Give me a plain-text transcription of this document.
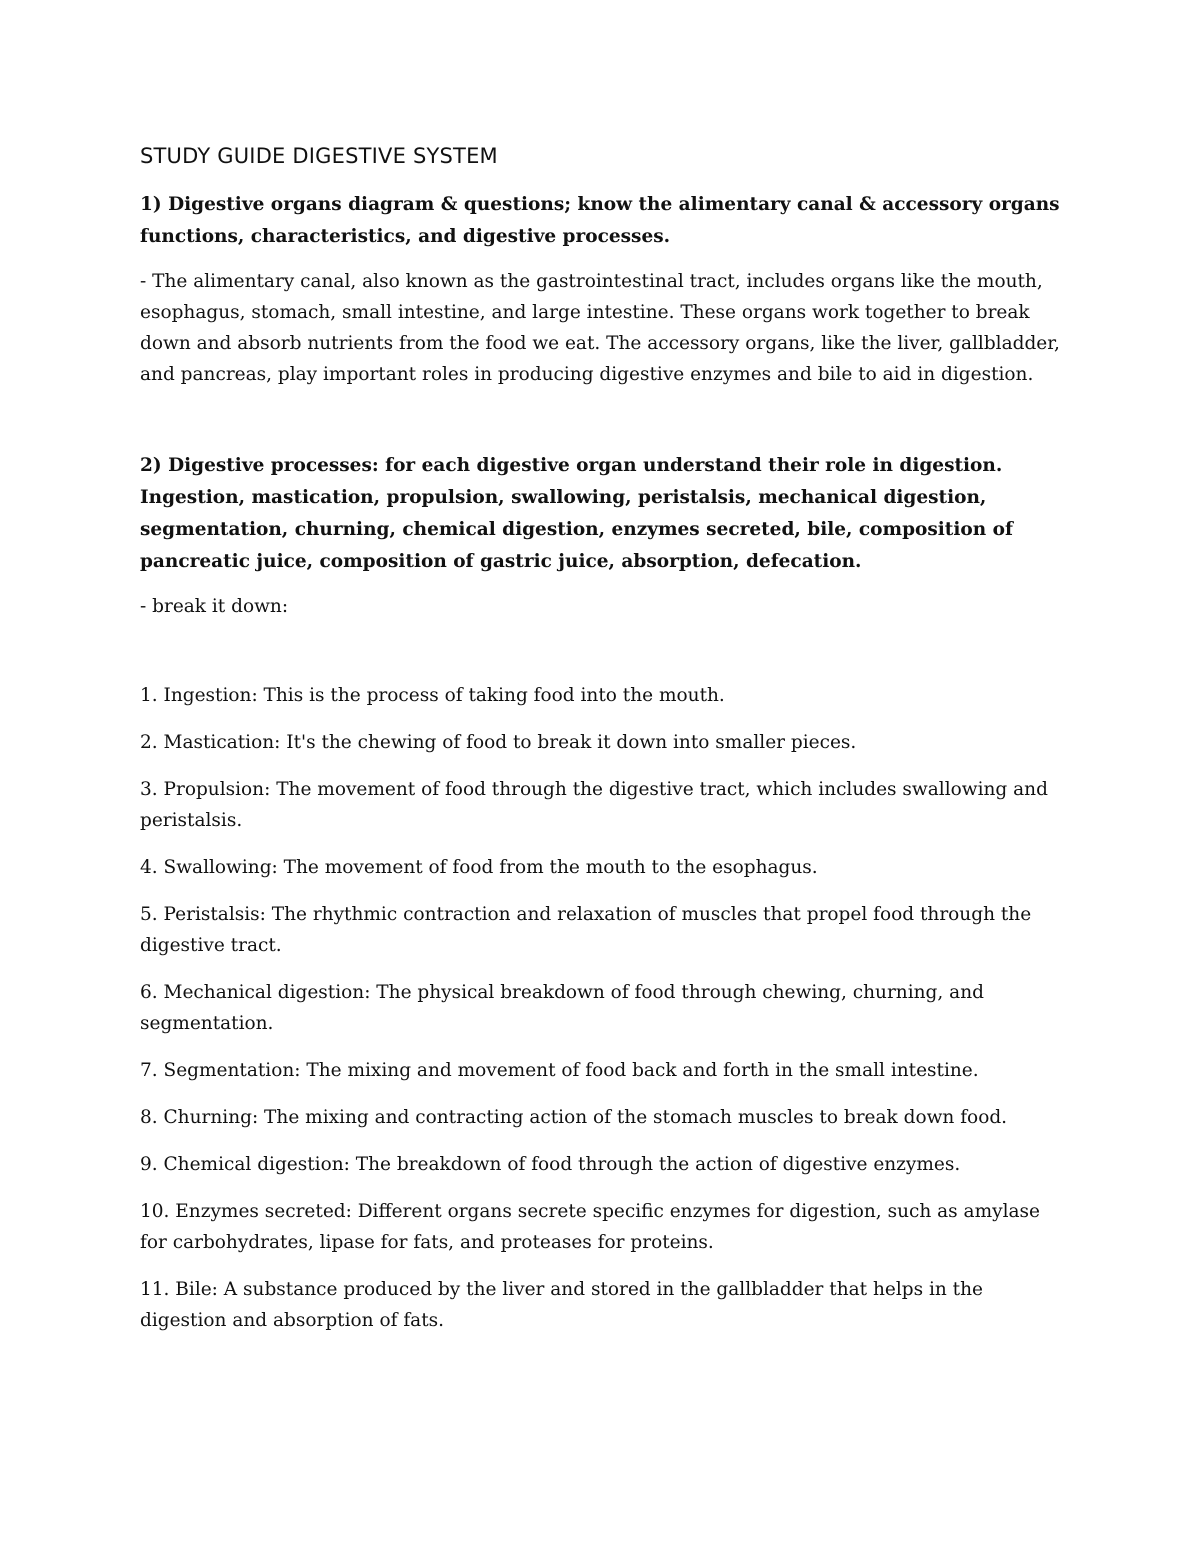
STUDY GUIDE DIGESTIVE SYSTEM
1) Digestive organs diagram & questions; know the alimentary canal & accessory organs functions, characteristics, and digestive processes.
- The alimentary canal, also known as the gastrointestinal tract, includes organs like the mouth, esophagus, stomach, small intestine, and large intestine. These organs work together to break down and absorb nutrients from the food we eat. The accessory organs, like the liver, gallbladder, and pancreas, play important roles in producing digestive enzymes and bile to aid in digestion.
2) Digestive processes: for each digestive organ understand their role in digestion. Ingestion, mastication, propulsion, swallowing, peristalsis, mechanical digestion, segmentation, churning, chemical digestion, enzymes secreted, bile, composition of pancreatic juice, composition of gastric juice, absorption, defecation.
- break it down:
1. Ingestion: This is the process of taking food into the mouth.
2. Mastication: It's the chewing of food to break it down into smaller pieces.
3. Propulsion: The movement of food through the digestive tract, which includes swallowing and peristalsis.
4. Swallowing: The movement of food from the mouth to the esophagus.
5. Peristalsis: The rhythmic contraction and relaxation of muscles that propel food through the digestive tract.
6. Mechanical digestion: The physical breakdown of food through chewing, churning, and segmentation.
7. Segmentation: The mixing and movement of food back and forth in the small intestine.
8. Churning: The mixing and contracting action of the stomach muscles to break down food.
9. Chemical digestion: The breakdown of food through the action of digestive enzymes.
10. Enzymes secreted: Different organs secrete specific enzymes for digestion, such as amylase for carbohydrates, lipase for fats, and proteases for proteins.
11. Bile: A substance produced by the liver and stored in the gallbladder that helps in the digestion and absorption of fats.
